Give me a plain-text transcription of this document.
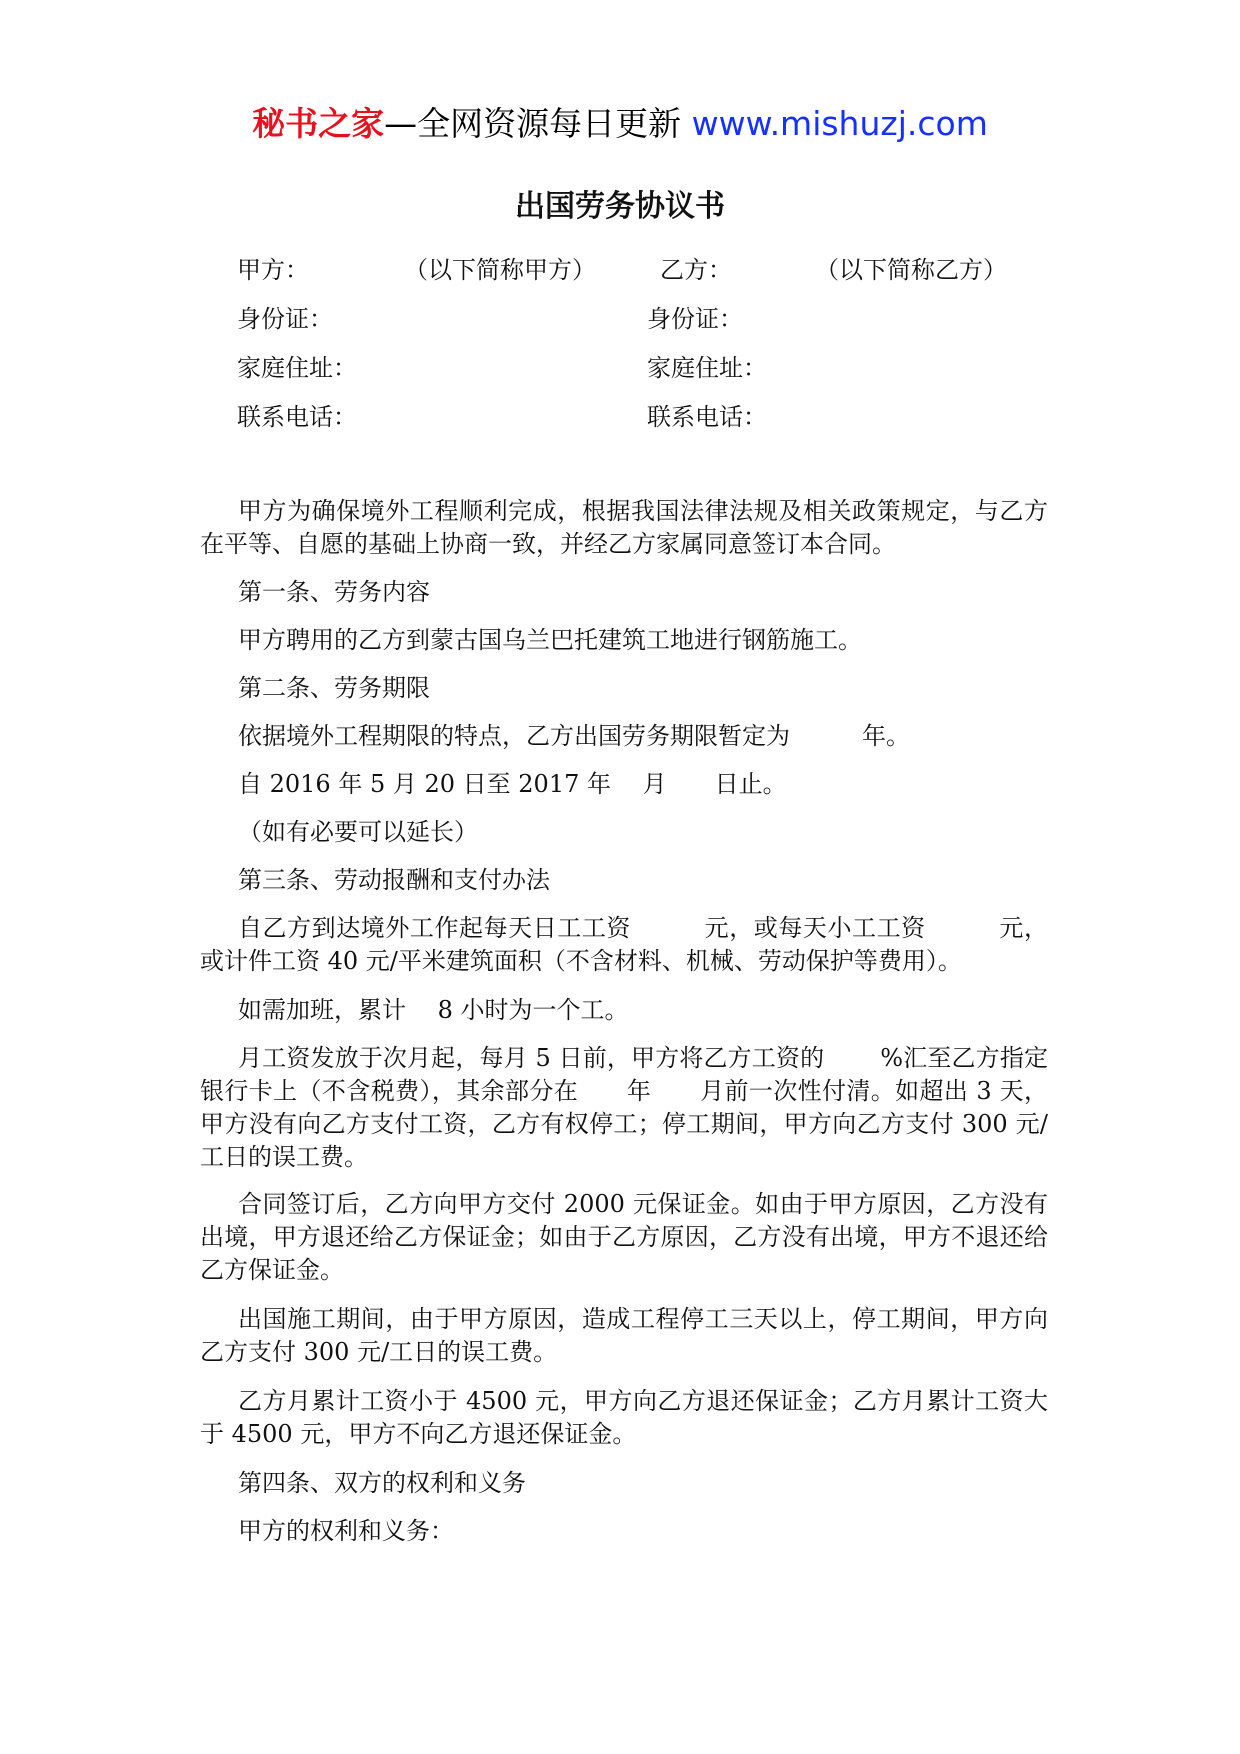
秘书之家—全网资源每日更新 www.mishuzj.com
出国劳务协议书

甲方：	（以下简称甲方）	乙方：	（以下简称乙方）

身份证：	身份证：

家庭住址：	家庭住址：

联系电话：	联系电话：

甲方为确保境外工程顺利完成，根据我国法律法规及相关政策规定，与乙方在平等、自愿的基础上协商一致，并经乙方家属同意签订本合同。

第一条、劳务内容

甲方聘用的乙方到蒙古国乌兰巴托建筑工地进行钢筋施工。

第二条、劳务期限

依据境外工程期限的特点，乙方出国劳务期限暂定为　　　年。

自 2016 年 5 月 20 日至 2017 年　 月　　日止。

（如有必要可以延长）

第三条、劳动报酬和支付办法

自乙方到达境外工作起每天日工工资　　　元，或每天小工工资　　　元，或计件工资 40 元/平米建筑面积（不含材料、机械、劳动保护等费用）。

如需加班，累计　 8 小时为一个工。

月工资发放于次月起，每月 5 日前，甲方将乙方工资的　　 %汇至乙方指定银行卡上（不含税费），其余部分在　　年　　月前一次性付清。如超出 3 天，甲方没有向乙方支付工资，乙方有权停工；停工期间，甲方向乙方支付 300 元/工日的误工费。

合同签订后，乙方向甲方交付 2000 元保证金。如由于甲方原因，乙方没有出境，甲方退还给乙方保证金；如由于乙方原因，乙方没有出境，甲方不退还给乙方保证金。

出国施工期间，由于甲方原因，造成工程停工三天以上，停工期间，甲方向乙方支付 300 元/工日的误工费。

乙方月累计工资小于 4500 元，甲方向乙方退还保证金；乙方月累计工资大于 4500 元，甲方不向乙方退还保证金。

第四条、双方的权利和义务

甲方的权利和义务：
